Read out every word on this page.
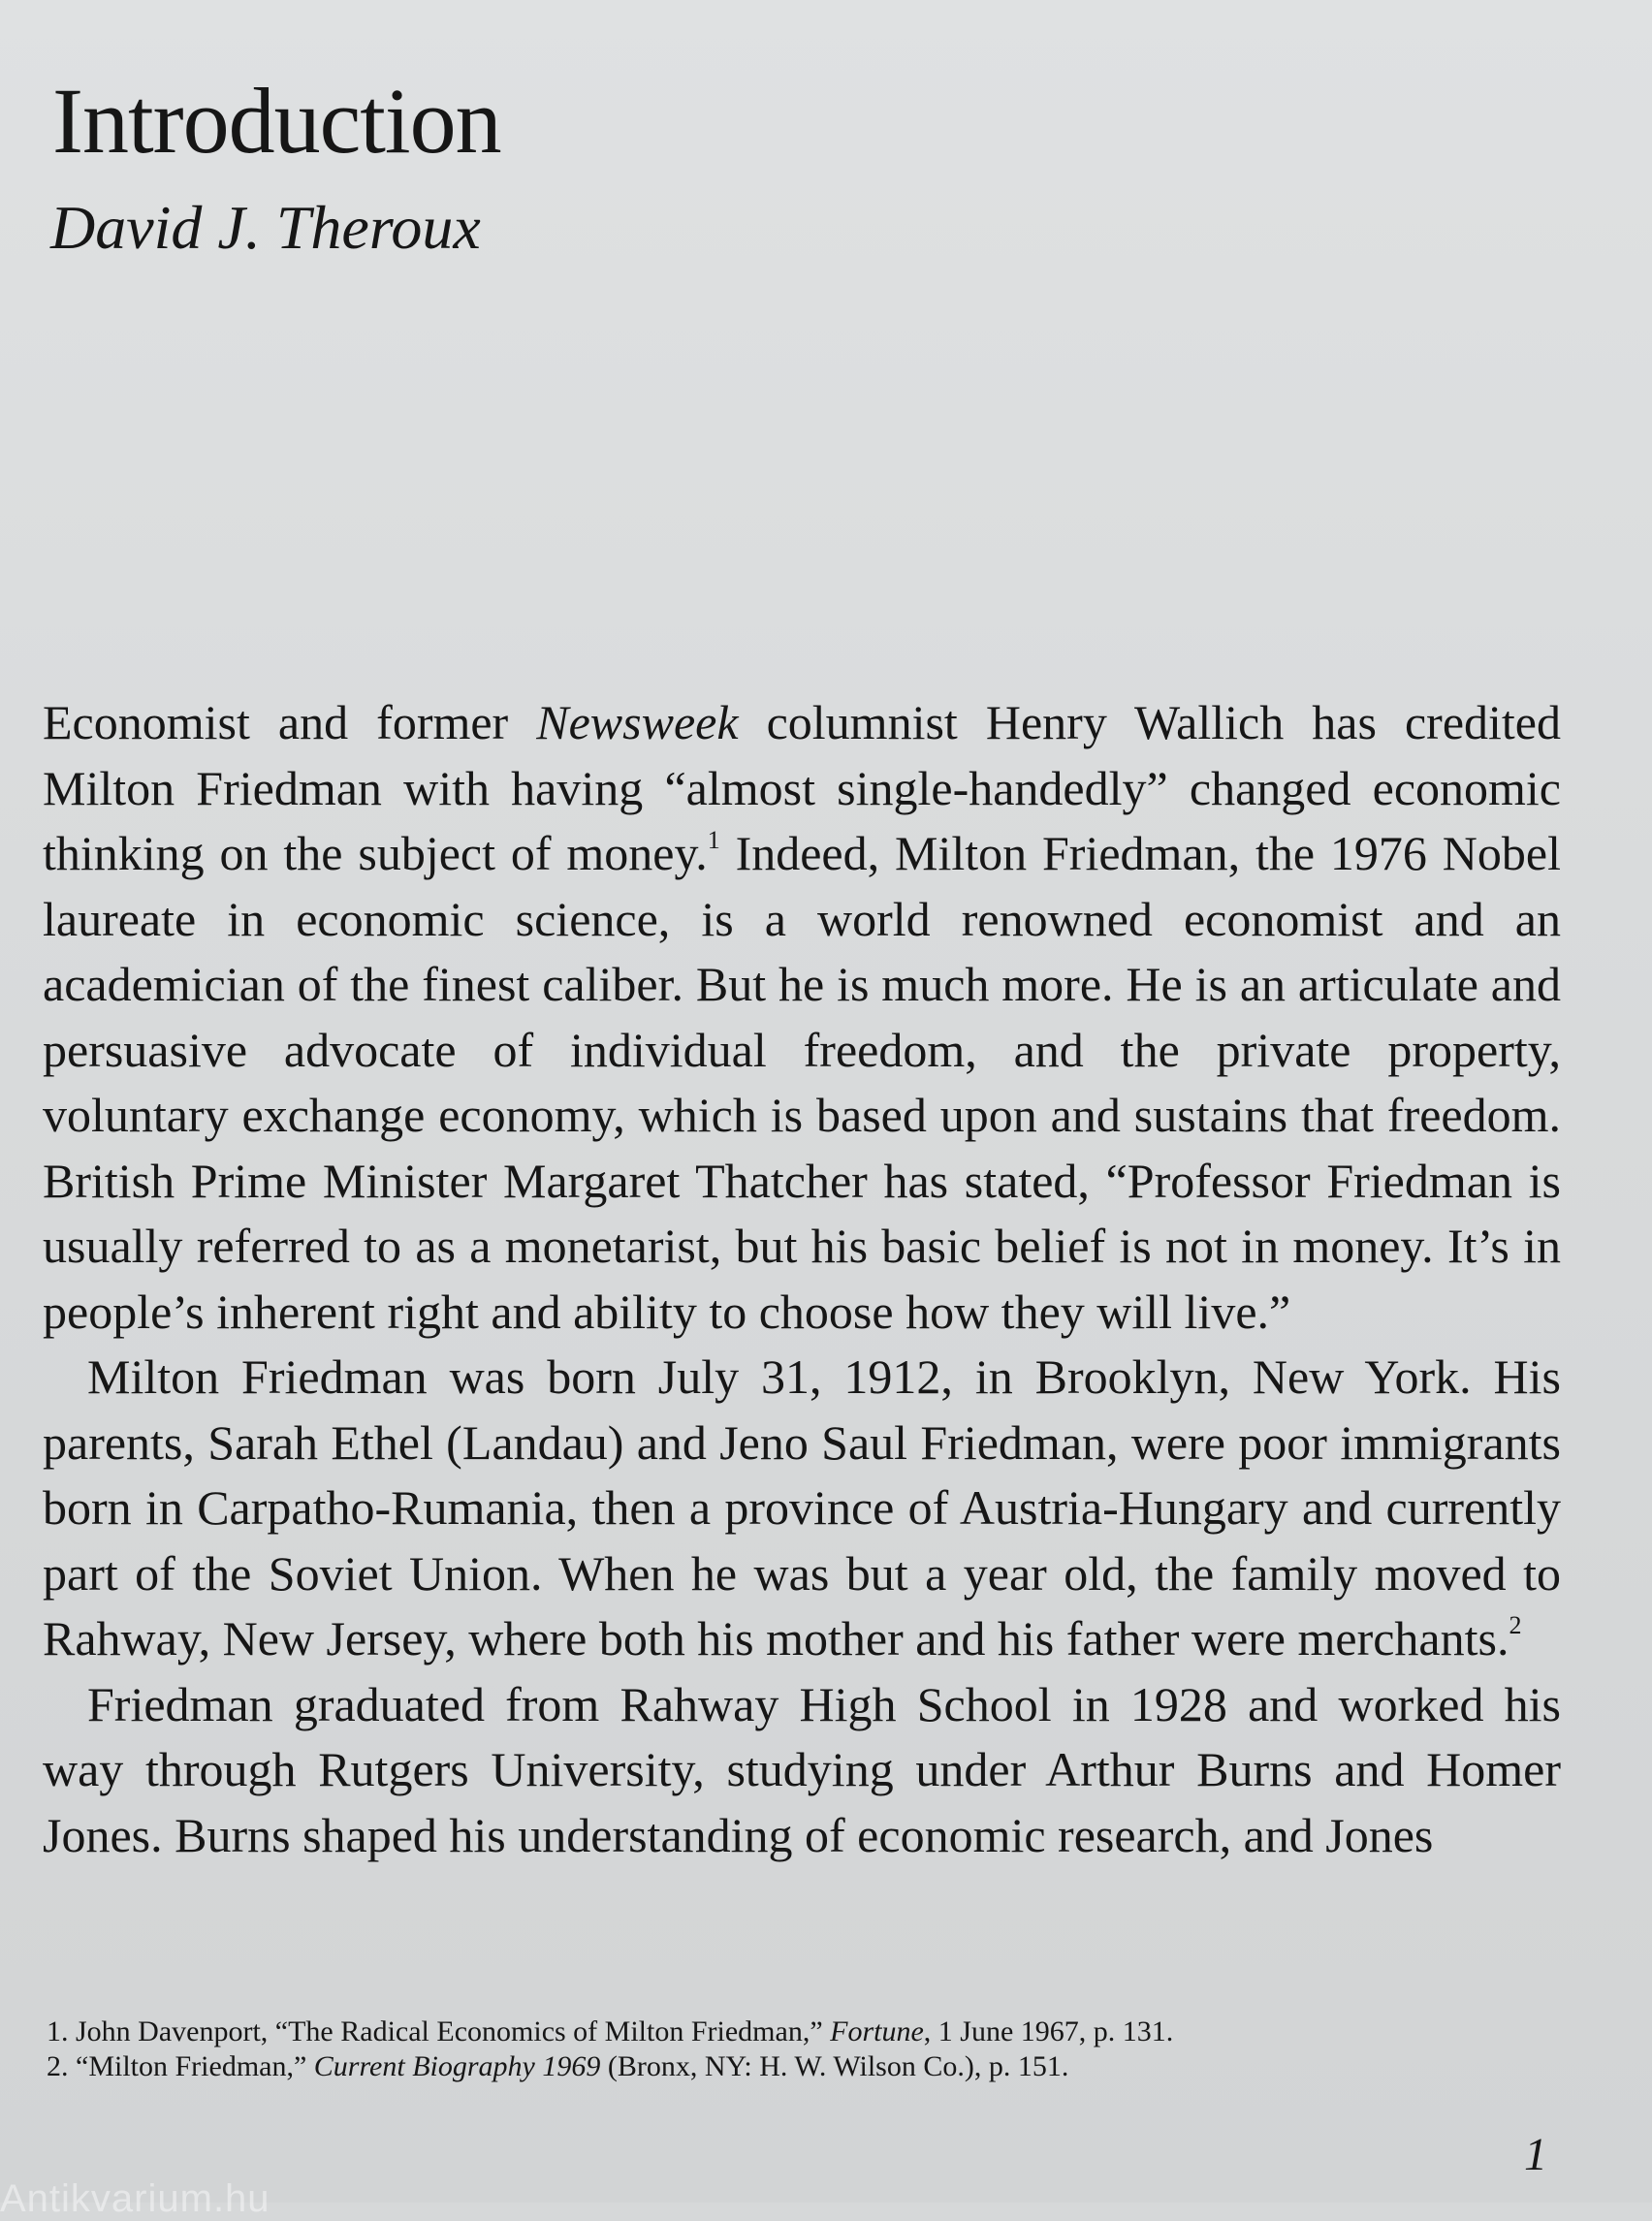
Introduction
David J. Theroux

Economist and former Newsweek columnist Henry Wallich has credited Milton Friedman with having “almost single-handedly” changed economic thinking on the subject of money.$^1$ Indeed, Milton Friedman, the 1976 Nobel laureate in economic science, is a world renowned economist and an academician of the finest caliber. But he is much more. He is an articulate and persuasive advocate of individual freedom, and the private property, voluntary exchange economy, which is based upon and sustains that freedom. British Prime Minister Margaret Thatcher has stated, “Professor Friedman is usually referred to as a monetarist, but his basic belief is not in money. It’s in people’s inherent right and ability to choose how they will live.”

Milton Friedman was born July 31, 1912, in Brooklyn, New York. His parents, Sarah Ethel (Landau) and Jeno Saul Friedman, were poor immigrants born in Carpatho-Rumania, then a province of Austria-Hungary and currently part of the Soviet Union. When he was but a year old, the family moved to Rahway, New Jersey, where both his mother and his father were merchants.$^2$

Friedman graduated from Rahway High School in 1928 and worked his way through Rutgers University, studying under Arthur Burns and Homer Jones. Burns shaped his understanding of economic research, and Jones

1. John Davenport, “The Radical Economics of Milton Friedman,” Fortune, 1 June 1967, p. 131.
2. “Milton Friedman,” Current Biography 1969 (Bronx, NY: H. W. Wilson Co.), p. 151.
1
Antikvarium.hu
